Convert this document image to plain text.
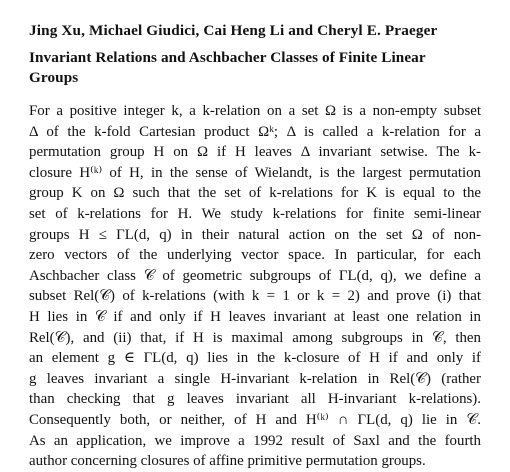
Jing Xu, Michael Giudici, Cai Heng Li and Cheryl E. Praeger
Invariant Relations and Aschbacher Classes of Finite Linear
Groups
For a positive integer k, a k-relation on a set Ω is a non-empty subset
Δ of the k-fold Cartesian product Ωᵏ; Δ is called a k-relation for a
permutation group H on Ω if H leaves Δ invariant setwise. The k-
closure H⁽ᵏ⁾ of H, in the sense of Wielandt, is the largest permutation
group K on Ω such that the set of k-relations for K is equal to the
set of k-relations for H. We study k-relations for finite semi-linear
groups H ≤ ΓL(d, q) in their natural action on the set Ω of non-
zero vectors of the underlying vector space. In particular, for each
Aschbacher class 𝒞 of geometric subgroups of ΓL(d, q), we define a
subset Rel(𝒞) of k-relations (with k = 1 or k = 2) and prove (i) that
H lies in 𝒞 if and only if H leaves invariant at least one relation in
Rel(𝒞), and (ii) that, if H is maximal among subgroups in 𝒞, then
an element g ∈ ΓL(d, q) lies in the k-closure of H if and only if
g leaves invariant a single H-invariant k-relation in Rel(𝒞) (rather
than checking that g leaves invariant all H-invariant k-relations).
Consequently both, or neither, of H and H⁽ᵏ⁾ ∩ ΓL(d, q) lie in 𝒞.
As an application, we improve a 1992 result of Saxl and the fourth
author concerning closures of affine primitive permutation groups.
